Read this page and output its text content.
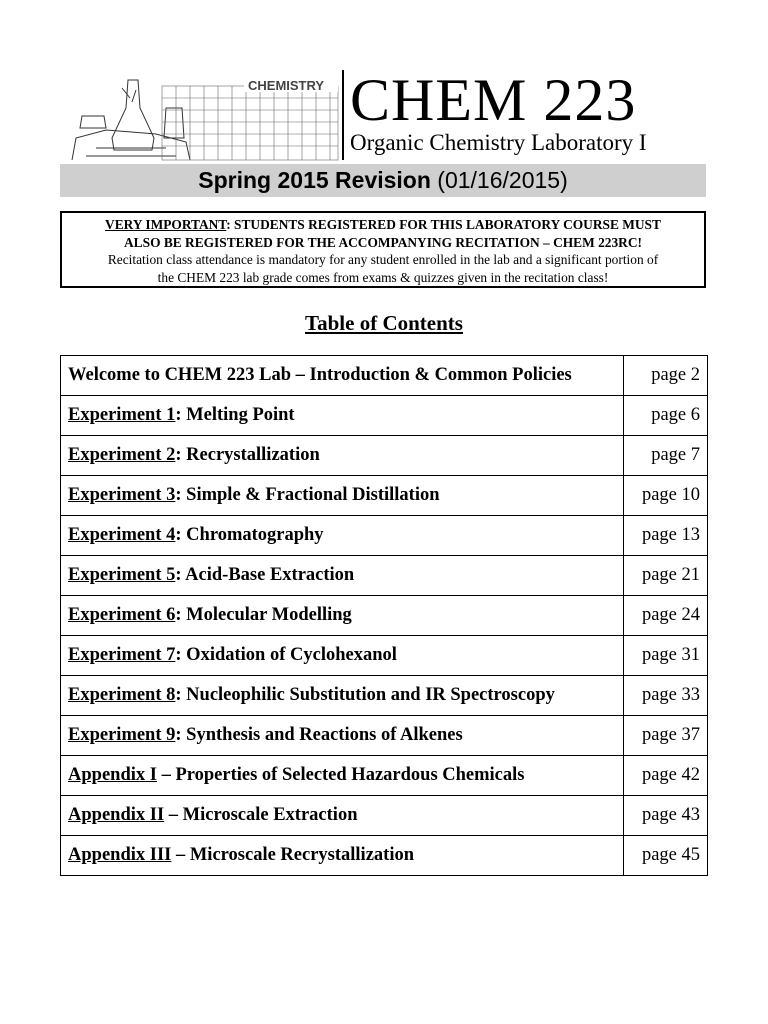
CHEMISTRY CHEM 223
Organic Chemistry Laboratory I
Spring 2015 Revision (01/16/2015)
VERY IMPORTANT: STUDENTS REGISTERED FOR THIS LABORATORY COURSE MUST
ALSO BE REGISTERED FOR THE ACCOMPANYING RECITATION – CHEM 223RC!
Recitation class attendance is mandatory for any student enrolled in the lab and a significant portion of
the CHEM 223 lab grade comes from exams & quizzes given in the recitation class!
Table of Contents
Welcome to CHEM 223 Lab – Introduction & Common Policies	page 2
Experiment 1: Melting Point	page 6
Experiment 2: Recrystallization	page 7
Experiment 3: Simple & Fractional Distillation	page 10
Experiment 4: Chromatography	page 13
Experiment 5: Acid-Base Extraction	page 21
Experiment 6: Molecular Modelling	page 24
Experiment 7: Oxidation of Cyclohexanol	page 31
Experiment 8: Nucleophilic Substitution and IR Spectroscopy	page 33
Experiment 9: Synthesis and Reactions of Alkenes	page 37
Appendix I – Properties of Selected Hazardous Chemicals	page 42
Appendix II – Microscale Extraction	page 43
Appendix III – Microscale Recrystallization	page 45
